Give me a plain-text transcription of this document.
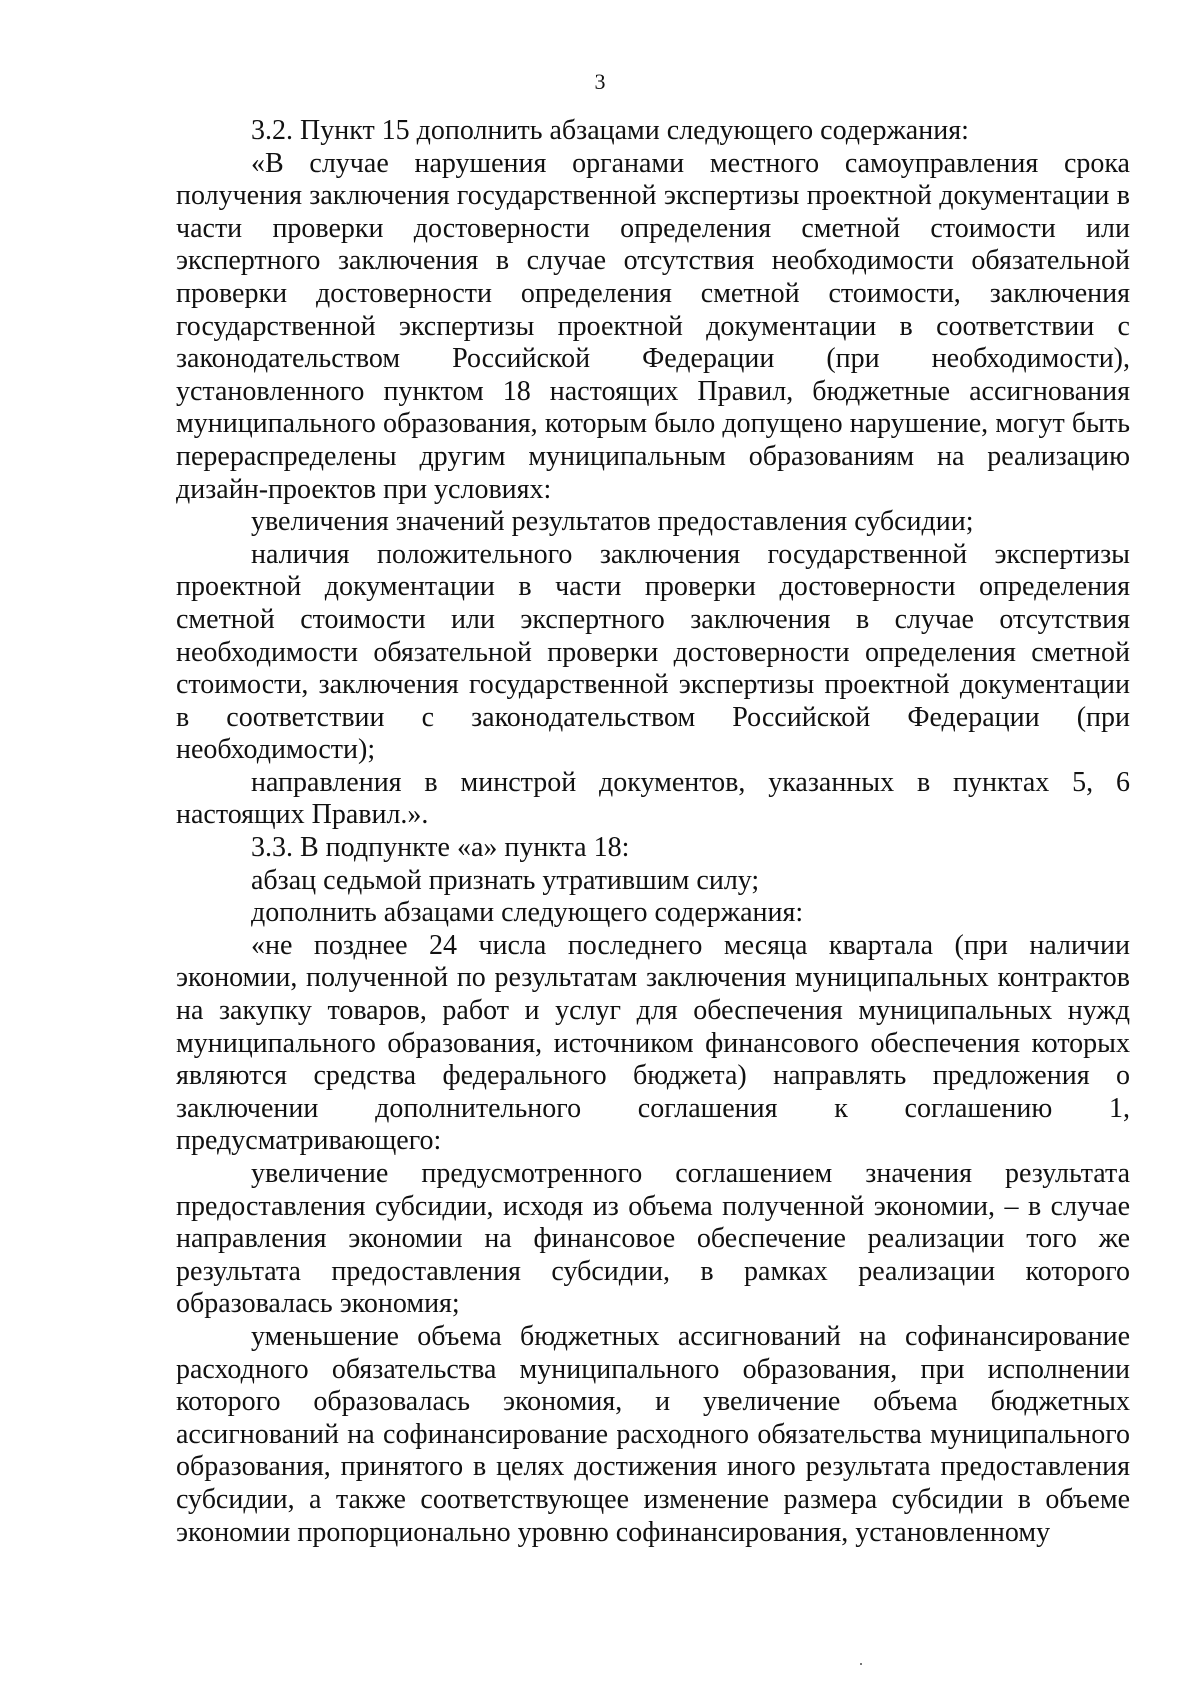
3

3.2. Пункт 15 дополнить абзацами следующего содержания:

«В случае нарушения органами местного самоуправления срока получения заключения государственной экспертизы проектной документации в части проверки достоверности определения сметной стоимости или экспертного заключения в случае отсутствия необходимости обязательной проверки достоверности определения сметной стоимости, заключения государственной экспертизы проектной документации в соответствии с законодательством Российской Федерации (при необходимости), установленного пунктом 18 настоящих Правил, бюджетные ассигнования муниципального образования, которым было допущено нарушение, могут быть перераспределены другим муниципальным образованиям на реализацию дизайн-проектов при условиях:

увеличения значений результатов предоставления субсидии;

наличия положительного заключения государственной экспертизы проектной документации в части проверки достоверности определения сметной стоимости или экспертного заключения в случае отсутствия необходимости обязательной проверки достоверности определения сметной стоимости, заключения государственной экспертизы проектной документации в соответствии с законодательством Российской Федерации (при необходимости);

направления в минстрой документов, указанных в пунктах 5, 6 настоящих Правил.».

3.3. В подпункте «а» пункта 18:

абзац седьмой признать утратившим силу;

дополнить абзацами следующего содержания:

«не позднее 24 числа последнего месяца квартала (при наличии экономии, полученной по результатам заключения муниципальных контрактов на закупку товаров, работ и услуг для обеспечения муниципальных нужд муниципального образования, источником финансового обеспечения которых являются средства федерального бюджета) направлять предложения о заключении дополнительного соглашения к соглашению 1, предусматривающего:

увеличение предусмотренного соглашением значения результата предоставления субсидии, исходя из объема полученной экономии, – в случае направления экономии на финансовое обеспечение реализации того же результата предоставления субсидии, в рамках реализации которого образовалась экономия;

уменьшение объема бюджетных ассигнований на софинансирование расходного обязательства муниципального образования, при исполнении которого образовалась экономия, и увеличение объема бюджетных ассигнований на софинансирование расходного обязательства муниципального образования, принятого в целях достижения иного результата предоставления субсидии, а также соответствующее изменение размера субсидии в объеме экономии пропорционально уровню софинансирования, установленному
